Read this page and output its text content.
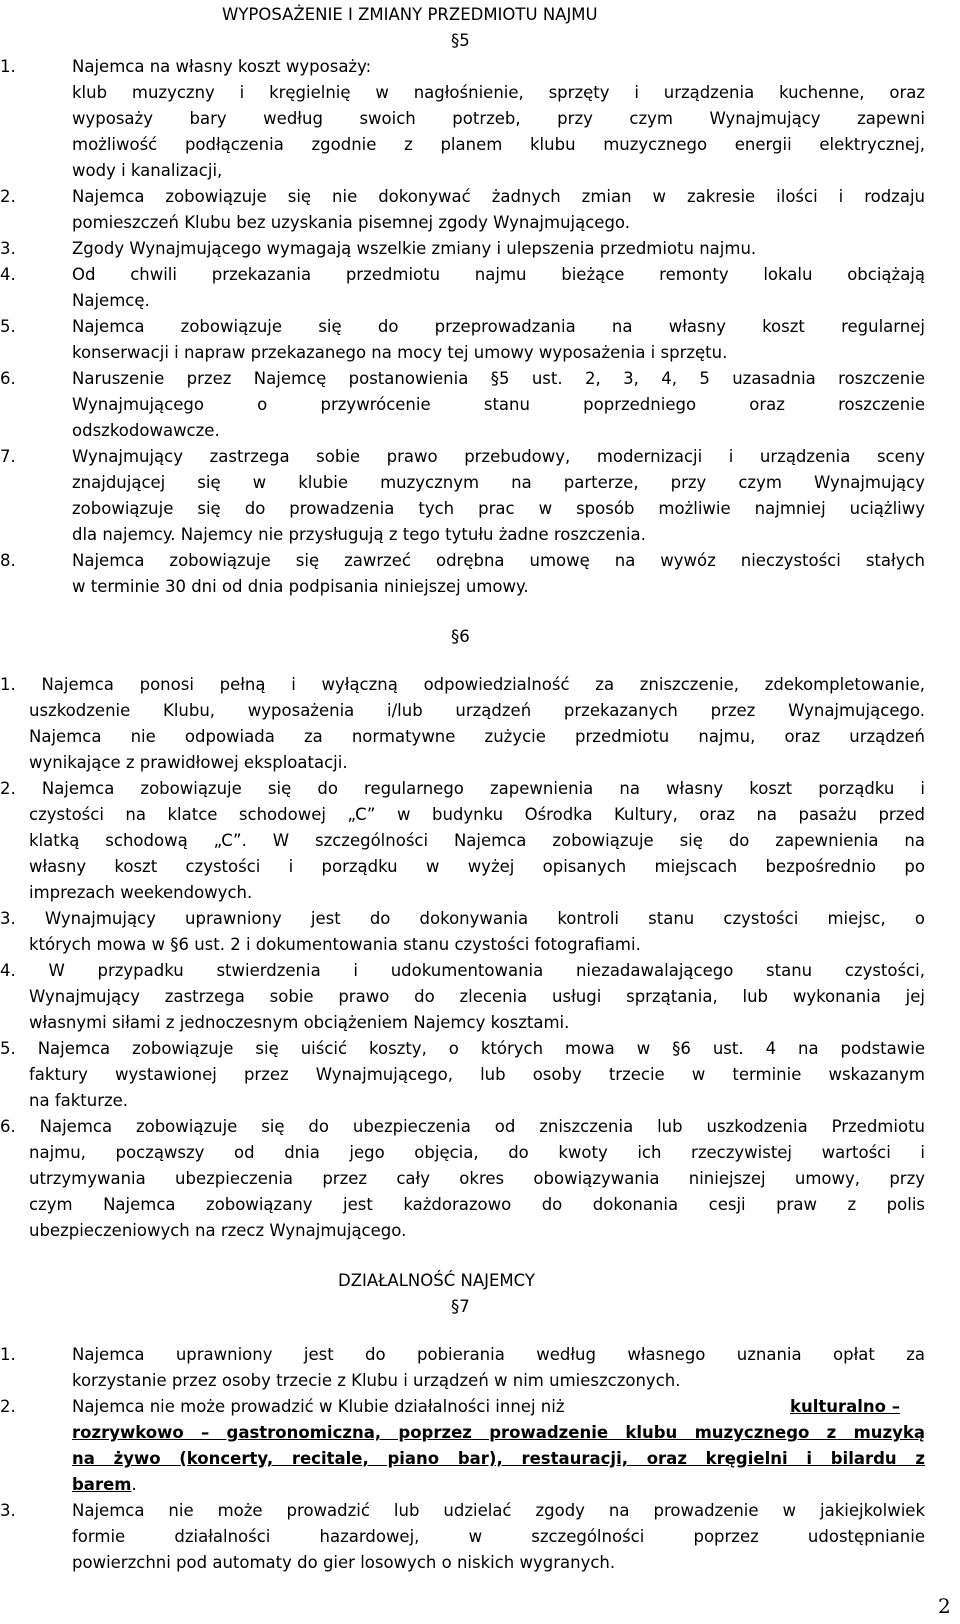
WYPOSAŻENIE I ZMIANY PRZEDMIOTU NAJMU
§5
1.	Najemca na własny koszt wyposaży:
klub muzyczny i kręgielnię w nagłośnienie, sprzęty i urządzenia kuchenne, oraz
wyposaży bary według swoich potrzeb, przy czym Wynajmujący zapewni
możliwość podłączenia zgodnie z planem klubu muzycznego energii elektrycznej,
wody i kanalizacji,
2.	Najemca zobowiązuje się nie dokonywać żadnych zmian w zakresie ilości i rodzaju
pomieszczeń Klubu bez uzyskania pisemnej zgody Wynajmującego.
3.	Zgody Wynajmującego wymagają wszelkie zmiany i ulepszenia przedmiotu najmu.
4.	Od chwili przekazania przedmiotu najmu bieżące remonty lokalu obciążają
Najemcę.
5.	Najemca zobowiązuje się do przeprowadzania na własny koszt regularnej
konserwacji i napraw przekazanego na mocy tej umowy wyposażenia i sprzętu.
6.	Naruszenie przez Najemcę postanowienia §5 ust. 2, 3, 4, 5 uzasadnia roszczenie
Wynajmującego o przywrócenie stanu poprzedniego oraz roszczenie
odszkodowawcze.
7.	Wynajmujący zastrzega sobie prawo przebudowy, modernizacji i urządzenia sceny
znajdującej się w klubie muzycznym na parterze, przy czym Wynajmujący
zobowiązuje się do prowadzenia tych prac w sposób możliwie najmniej uciążliwy
dla najemcy. Najemcy nie przysługują z tego tytułu żadne roszczenia.
8.	Najemca zobowiązuje się zawrzeć odrębna umowę na wywóz nieczystości stałych
w terminie 30 dni od dnia podpisania niniejszej umowy.
§6
1. Najemca ponosi pełną i wyłączną odpowiedzialność za zniszczenie, zdekompletowanie,
uszkodzenie Klubu, wyposażenia i/lub urządzeń przekazanych przez Wynajmującego.
Najemca nie odpowiada za normatywne zużycie przedmiotu najmu, oraz urządzeń
wynikające z prawidłowej eksploatacji.
2. Najemca zobowiązuje się do regularnego zapewnienia na własny koszt porządku i
czystości na klatce schodowej „C” w budynku Ośrodka Kultury, oraz na pasażu przed
klatką schodową „C”. W szczególności Najemca zobowiązuje się do zapewnienia na
własny koszt czystości i porządku w wyżej opisanych miejscach bezpośrednio po
imprezach weekendowych.
3. Wynajmujący uprawniony jest do dokonywania kontroli stanu czystości miejsc, o
których mowa w §6 ust. 2 i dokumentowania stanu czystości fotografiami.
4. W przypadku stwierdzenia i udokumentowania niezadawalającego stanu czystości,
Wynajmujący zastrzega sobie prawo do zlecenia usługi sprzątania, lub wykonania jej
własnymi siłami z jednoczesnym obciążeniem Najemcy kosztami.
5. Najemca zobowiązuje się uiścić koszty, o których mowa w §6 ust. 4 na podstawie
faktury wystawionej przez Wynajmującego, lub osoby trzecie w terminie wskazanym
na fakturze.
6. Najemca zobowiązuje się do ubezpieczenia od zniszczenia lub uszkodzenia Przedmiotu
najmu, począwszy od dnia jego objęcia, do kwoty ich rzeczywistej wartości i
utrzymywania ubezpieczenia przez cały okres obowiązywania niniejszej umowy, przy
czym Najemca zobowiązany jest każdorazowo do dokonania cesji praw z polis
ubezpieczeniowych na rzecz Wynajmującego.
DZIAŁALNOŚĆ NAJEMCY
§7
1.	Najemca uprawniony jest do pobierania według własnego uznania opłat za
korzystanie przez osoby trzecie z Klubu i urządzeń w nim umieszczonych.
2.	Najemca nie może prowadzić w Klubie działalności innej niż	kulturalno –
rozrywkowo – gastronomiczna, poprzez prowadzenie klubu muzycznego z muzyką
na żywo (koncerty, recitale, piano bar), restauracji, oraz kręgielni i bilardu z
barem.
3.	Najemca nie może prowadzić lub udzielać zgody na prowadzenie w jakiejkolwiek
formie działalności hazardowej, w szczególności poprzez udostępnianie
powierzchni pod automaty do gier losowych o niskich wygranych.
2
